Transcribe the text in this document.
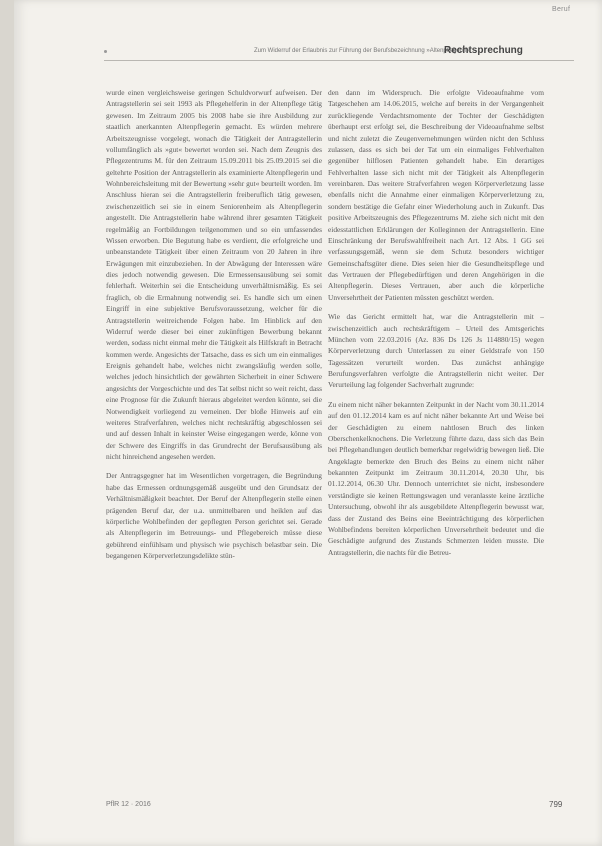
Beruf
Zum Widerruf der Erlaubnis zur Führung der Berufsbezeichnung »Altenpflegerin«
Rechtsprechung

wurde einen vergleichsweise geringen Schuldvorwurf aufweisen. Der Antragstellerin sei seit 1993 als Pflegehelferin in der Altenpflege tätig gewesen. Im Zeitraum 2005 bis 2008 habe sie ihre Ausbildung zur staatlich anerkannten Altenpflegerin gemacht. Es würden mehrere Arbeitszeugnisse vorgelegt, wonach die Tätigkeit der Antragstellerin vollumfänglich als »gut« bewertet worden sei. Nach dem Zeugnis des Pflegezentrums M. für den Zeitraum 15.09.2011 bis 25.09.2015 sei die geltehrte Position der Antragstellerin als examinierte Altenpflegerin und Wohnbereichsleitung mit der Bewertung »sehr gut« beurteilt worden. Im Anschluss hieran sei die Antragstellerin freiberuflich tätig gewesen, zwischenzeitlich sei sie in einem Seniorenheim als Altenpflegerin angestellt. Die Antragstellerin habe während ihrer gesamten Tätigkeit regelmäßig an Fortbildungen teilgenommen und so ein umfassendes Wissen erworben. Die Begutung habe es verdient, die erfolgreiche und unbeanstandete Tätigkeit über einen Zeitraum von 20 Jahren in ihre Erwägungen mit einzubeziehen. In der Abwägung der Interessen wäre dies jedoch notwendig gewesen. Die Ermessensausübung sei somit fehlerhaft. Weiterhin sei die Entscheidung unverhältnismäßig. Es sei fraglich, ob die Ermahnung notwendig sei. Es handle sich um einen Eingriff in eine subjektive Berufsvoraussetzung, welcher für die Antragstellerin weitreichende Folgen habe. Im Hinblick auf den Widerruf werde dieser bei einer zukünftigen Bewerbung bekannt werden, sodass nicht einmal mehr die Tätigkeit als Hilfskraft in Betracht kommen werde. Angesichts der Tatsache, dass es sich um ein einmaliges Ereignis gehandelt habe, welches nicht zwangsläufig werden solle, welches jedoch hinsichtlich der gewährten Sicherheit in einer Schwere angesichts der Vorgeschichte und des Tat selbst nicht so weit reicht, dass eine Prognose für die Zukunft hieraus abgeleitet werden könnte, sei die Notwendigkeit vorliegend zu verneinen. Der bloße Hinweis auf ein weiteres Strafverfahren, welches nicht rechtskräftig abgeschlossen sei und auf dessen Inhalt in keinster Weise eingegangen werde, könne von der Schwere des Eingriffs in das Grundrecht der Berufsausübung als nicht hinreichend angesehen werden.

Der Antragsgegner hat im Wesentlichen vorgetragen, die Begründung habe das Ermessen ordnungsgemäß ausgeübt und den Grundsatz der Verhältnismäßigkeit beachtet. Der Beruf der Altenpflegerin stelle einen prägenden Beruf dar, der u.a. unmittelbaren und heiklen auf das körperliche Wohlbefinden der gepflegten Person gerichtet sei. Gerade als Altenpflegerin im Betreuungs- und Pflegebereich müsse diese gebührend einfühlsam und physisch wie psychisch belastbar sein. Die begangenen Körperverletzungsdelikte stün-

den dann im Widerspruch. Die erfolgte Videoaufnahme vom Tatgeschehen am 14.06.2015, welche auf bereits in der Vergangenheit zurückliegende Verdachtsmomente der Tochter der Geschädigten überhaupt erst erfolgt sei, die Beschreibung der Videoaufnahme selbst und nicht zuletzt die Zeugenvernehmungen würden nicht den Schluss zulassen, dass es sich bei der Tat um ein einmaliges Fehlverhalten gegenüber hilflosen Patienten gehandelt habe. Ein derartiges Fehlverhalten lasse sich nicht mit der Tätigkeit als Altenpflegerin vereinbaren. Das weitere Strafverfahren wegen Körperverletzung lasse ebenfalls nicht die Annahme einer einmaligen Körperverletzung zu, sondern bestätige die Gefahr einer Wiederholung auch in Zukunft. Das positive Arbeitszeugnis des Pflegezentrums M. ziehe sich nicht mit den eidesstattlichen Erklärungen der Kolleginnen der Antragstellerin. Eine Einschränkung der Berufswahlfreiheit nach Art. 12 Abs. 1 GG sei verfassungsgemäß, wenn sie dem Schutz besonders wichtiger Gemeinschaftsgüter diene. Dies seien hier die Gesundheitspflege und das Vertrauen der Pflegebedürftigen und deren Angehörigen in die Altenpflegerin. Dieses Vertrauen, aber auch die körperliche Unversehrtheit der Patienten müssten geschützt werden.

Wie das Gericht ermittelt hat, war die Antragstellerin mit – zwischenzeitlich auch rechtskräftigem – Urteil des Amtsgerichts München vom 22.03.2016 (Az. 836 Ds 126 Js 114880/15) wegen Körperverletzung durch Unterlassen zu einer Geldstrafe von 150 Tagessätzen verurteilt worden. Das zunächst anhängige Berufungsverfahren verfolgte die Antragstellerin nicht weiter. Der Verurteilung lag folgender Sachverhalt zugrunde:

Zu einem nicht näher bekannten Zeitpunkt in der Nacht vom 30.11.2014 auf den 01.12.2014 kam es auf nicht näher bekannte Art und Weise bei der Geschädigten zu einem nahtlosen Bruch des linken Oberschenkelknochens. Die Verletzung führte dazu, dass sich das Bein bei Pflegehandlungen deutlich bemerkbar regelwidrig bewegen ließ. Die Angeklagte bemerkte den Bruch des Beins zu einem nicht näher bekannten Zeitpunkt im Zeitraum 30.11.2014, 20.30 Uhr, bis 01.12.2014, 06.30 Uhr. Dennoch unterrichtet sie nicht, insbesondere verständigte sie keinen Rettungswagen und veranlasste keine ärztliche Untersuchung, obwohl ihr als ausgebildete Altenpflegerin bewusst war, dass der Zustand des Beins eine Beeinträchtigung des körperlichen Wohlbefindens bereiten körperlichen Unversehrtheit bedeutet und die Geschädigte aufgrund des Zustands Schmerzen leiden musste. Die Antragstellerin, die nachts für die Betreu-

PflR 12 · 2016	799
